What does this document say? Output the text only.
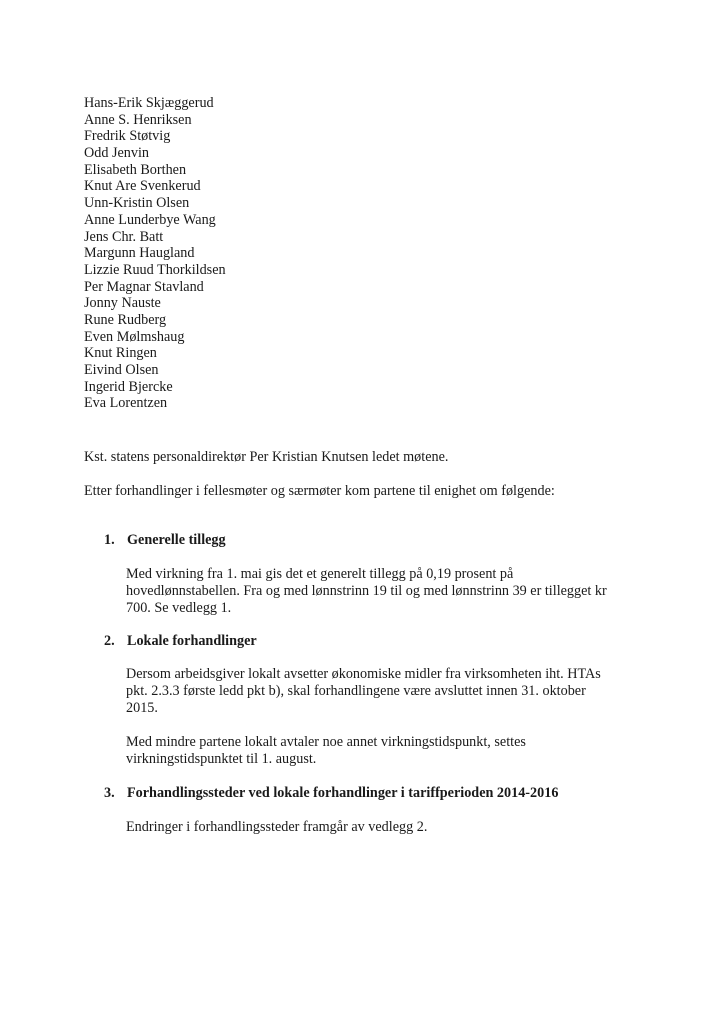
Hans-Erik Skjæggerud
Anne S. Henriksen
Fredrik Støtvig
Odd Jenvin
Elisabeth Borthen
Knut Are Svenkerud
Unn-Kristin Olsen
Anne Lunderbye Wang
Jens Chr. Batt
Margunn Haugland
Lizzie Ruud Thorkildsen
Per Magnar Stavland
Jonny Nauste
Rune Rudberg
Even Mølmshaug
Knut Ringen
Eivind Olsen
Ingerid Bjercke
Eva Lorentzen

Kst. statens personaldirektør Per Kristian Knutsen ledet møtene.

Etter forhandlinger i fellesmøter og særmøter kom partene til enighet om følgende:

1. Generelle tillegg
Med virkning fra 1. mai gis det et generelt tillegg på 0,19 prosent på
hovedlønnstabellen. Fra og med lønnstrinn 19 til og med lønnstrinn 39 er tillegget kr
700. Se vedlegg 1.
2. Lokale forhandlinger
Dersom arbeidsgiver lokalt avsetter økonomiske midler fra virksomheten iht. HTAs
pkt. 2.3.3 første ledd pkt b), skal forhandlingene være avsluttet innen 31. oktober
2015.
Med mindre partene lokalt avtaler noe annet virkningstidspunkt, settes
virkningstidspunktet til 1. august.
3. Forhandlingssteder ved lokale forhandlinger i tariffperioden 2014-2016
Endringer i forhandlingssteder framgår av vedlegg 2.
